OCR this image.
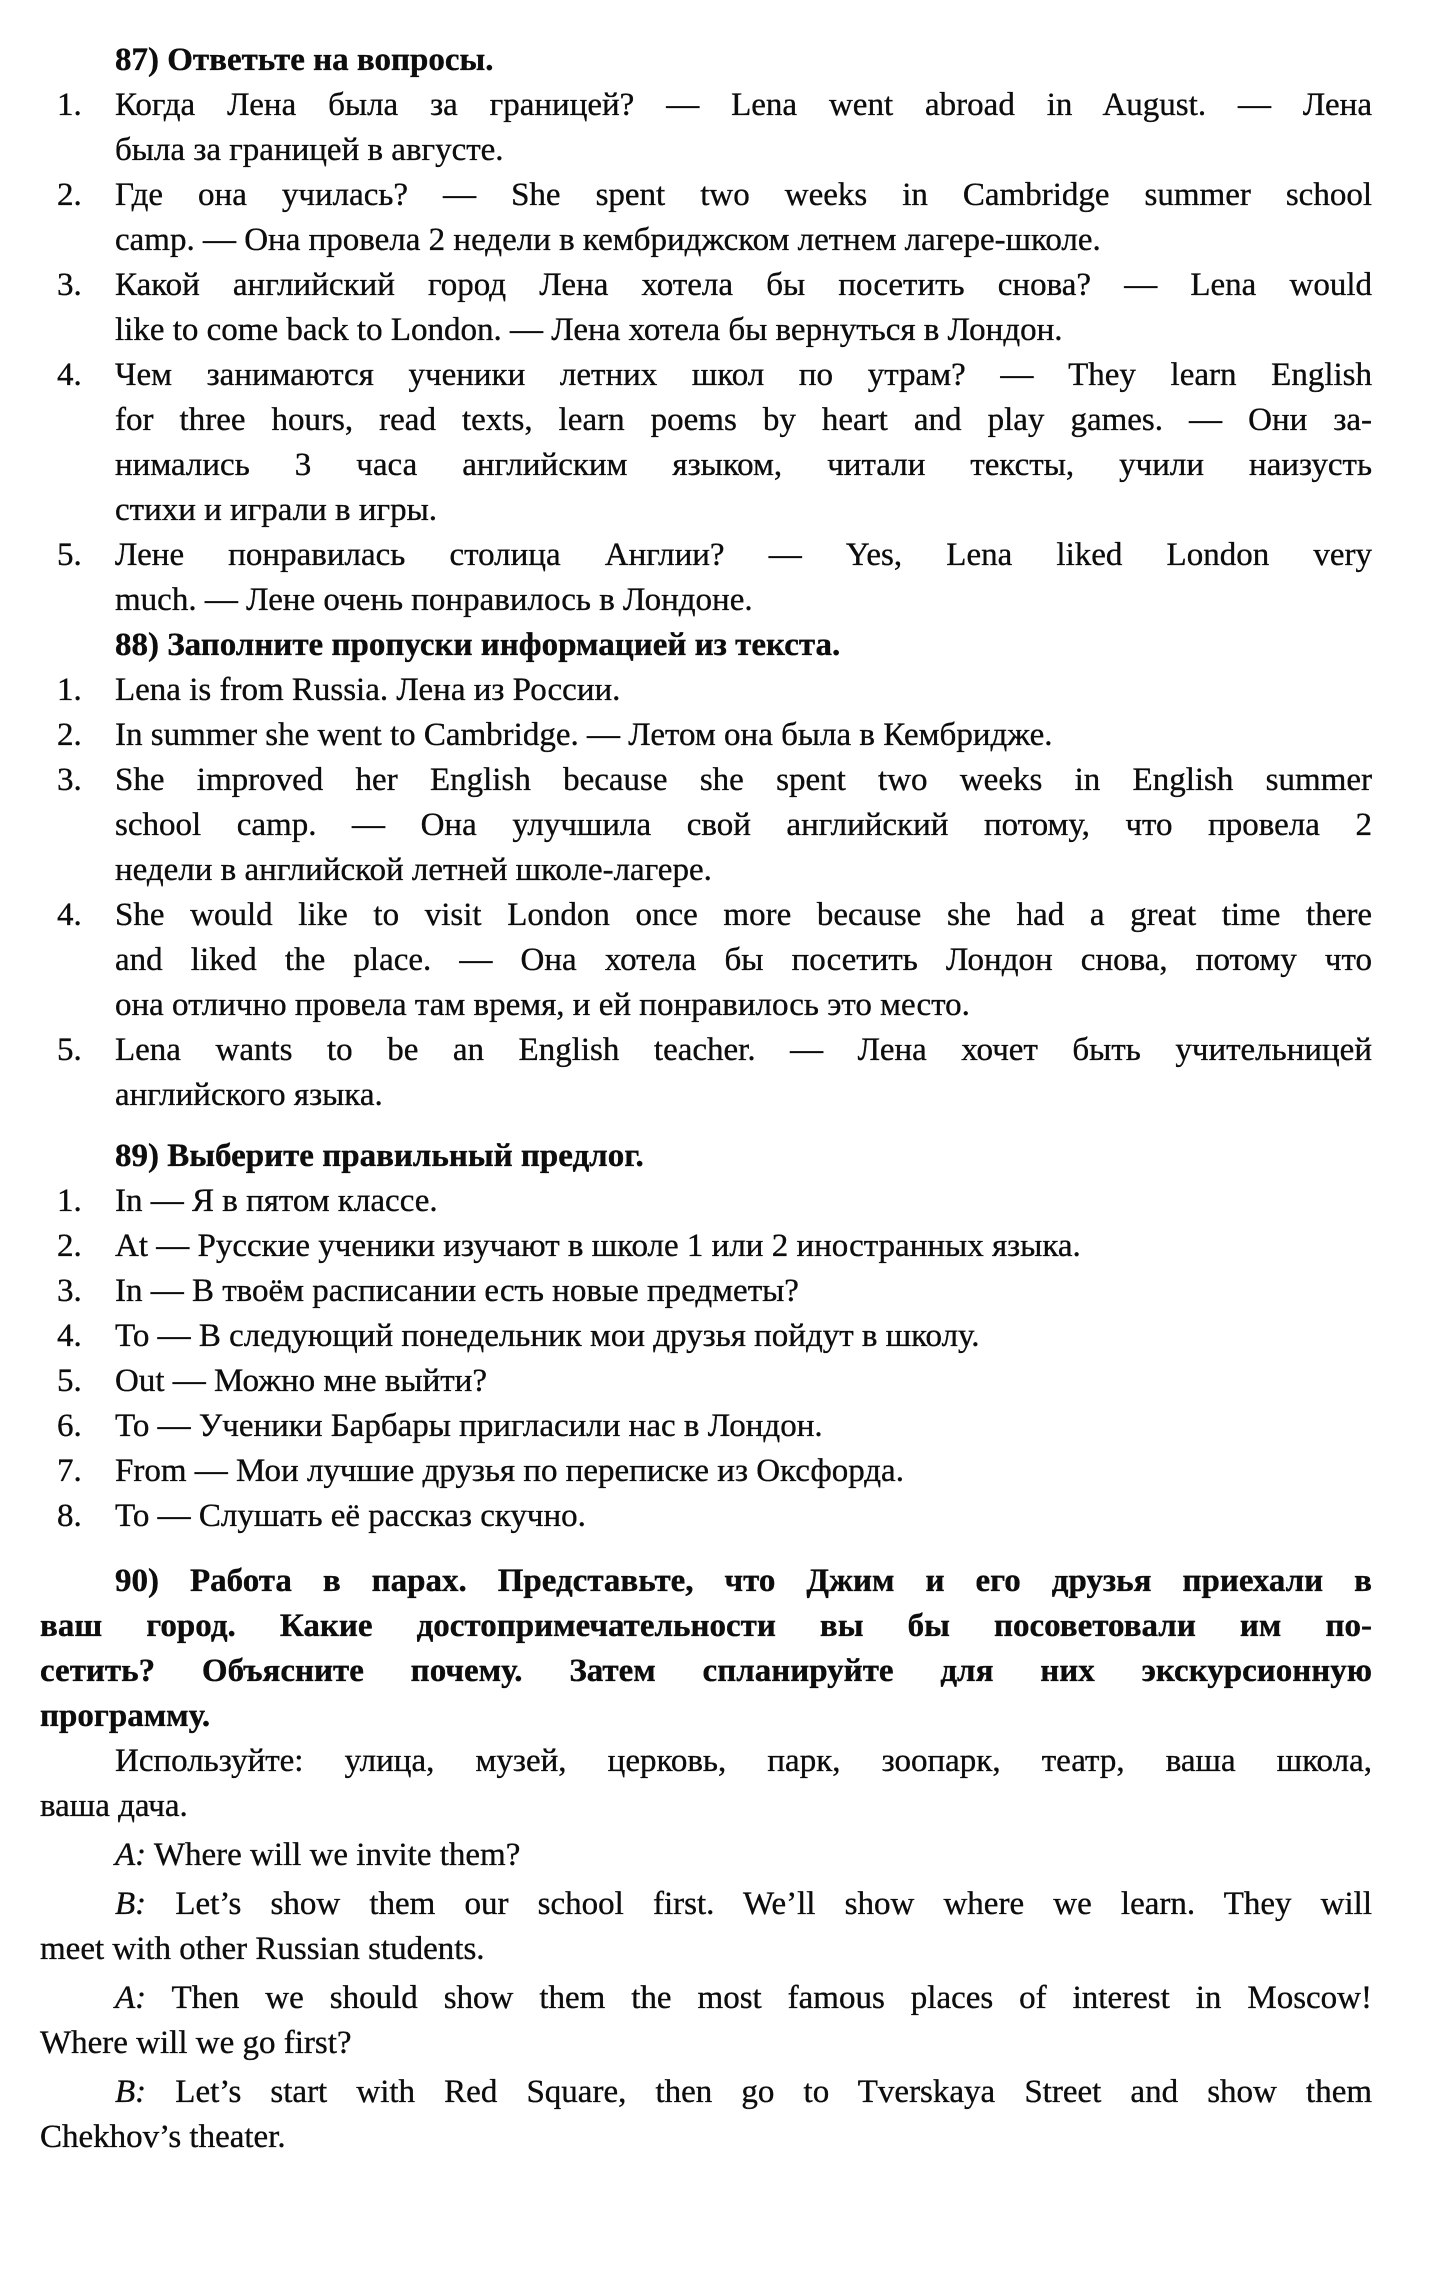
87) Ответьте на вопросы.
1.	Когда Лена была за границей? — Lena went abroad in August. — Лена
была за границей в августе.
2.	Где она училась? — She spent two weeks in Cambridge summer school
camp. — Она провела 2 недели в кембриджском летнем лагере-школе.
3.	Какой английский город Лена хотела бы посетить снова? — Lena would
like to come back to London. — Лена хотела бы вернуться в Лондон.
4.	Чем занимаются ученики летних школ по утрам? — They learn English
for three hours, read texts, learn poems by heart and play games. — Они за-
нимались 3 часа английским языком, читали тексты, учили наизусть
стихи и играли в игры.
5.	Лене понравилась столица Англии? — Yes, Lena liked London very
much. — Лене очень понравилось в Лондоне.
88) Заполните пропуски информацией из текста.
1.	Lena is from Russia. Лена из России.
2.	In summer she went to Cambridge. — Летом она была в Кембридже.
3.	She improved her English because she spent two weeks in English summer
school camp. — Она улучшила свой английский потому, что провела 2
недели в английской летней школе-лагере.
4.	She would like to visit London once more because she had a great time there
and liked the place. — Она хотела бы посетить Лондон снова, потому что
она отлично провела там время, и ей понравилось это место.
5.	Lena wants to be an English teacher. — Лена хочет быть учительницей
английского языка.
89) Выберите правильный предлог.
1.	In — Я в пятом классе.
2.	At — Русские ученики изучают в школе 1 или 2 иностранных языка.
3.	In — В твоём расписании есть новые предметы?
4.	To — В следующий понедельник мои друзья пойдут в школу.
5.	Out — Можно мне выйти?
6.	To — Ученики Барбары пригласили нас в Лондон.
7.	From — Мои лучшие друзья по переписке из Оксфорда.
8.	To — Слушать её рассказ скучно.
90) Работа в парах. Представьте, что Джим и его друзья приехали в
ваш город. Какие достопримечательности вы бы посоветовали им по-
сетить? Объясните почему. Затем спланируйте для них экскурсионную
программу.
Используйте: улица, музей, церковь, парк, зоопарк, театр, ваша школа,
ваша дача.
A: Where will we invite them?
B: Let’s show them our school first. We’ll show where we learn. They will
meet with other Russian students.
A: Then we should show them the most famous places of interest in Moscow!
Where will we go first?
B: Let’s start with Red Square, then go to Tverskaya Street and show them
Chekhov’s theater.
